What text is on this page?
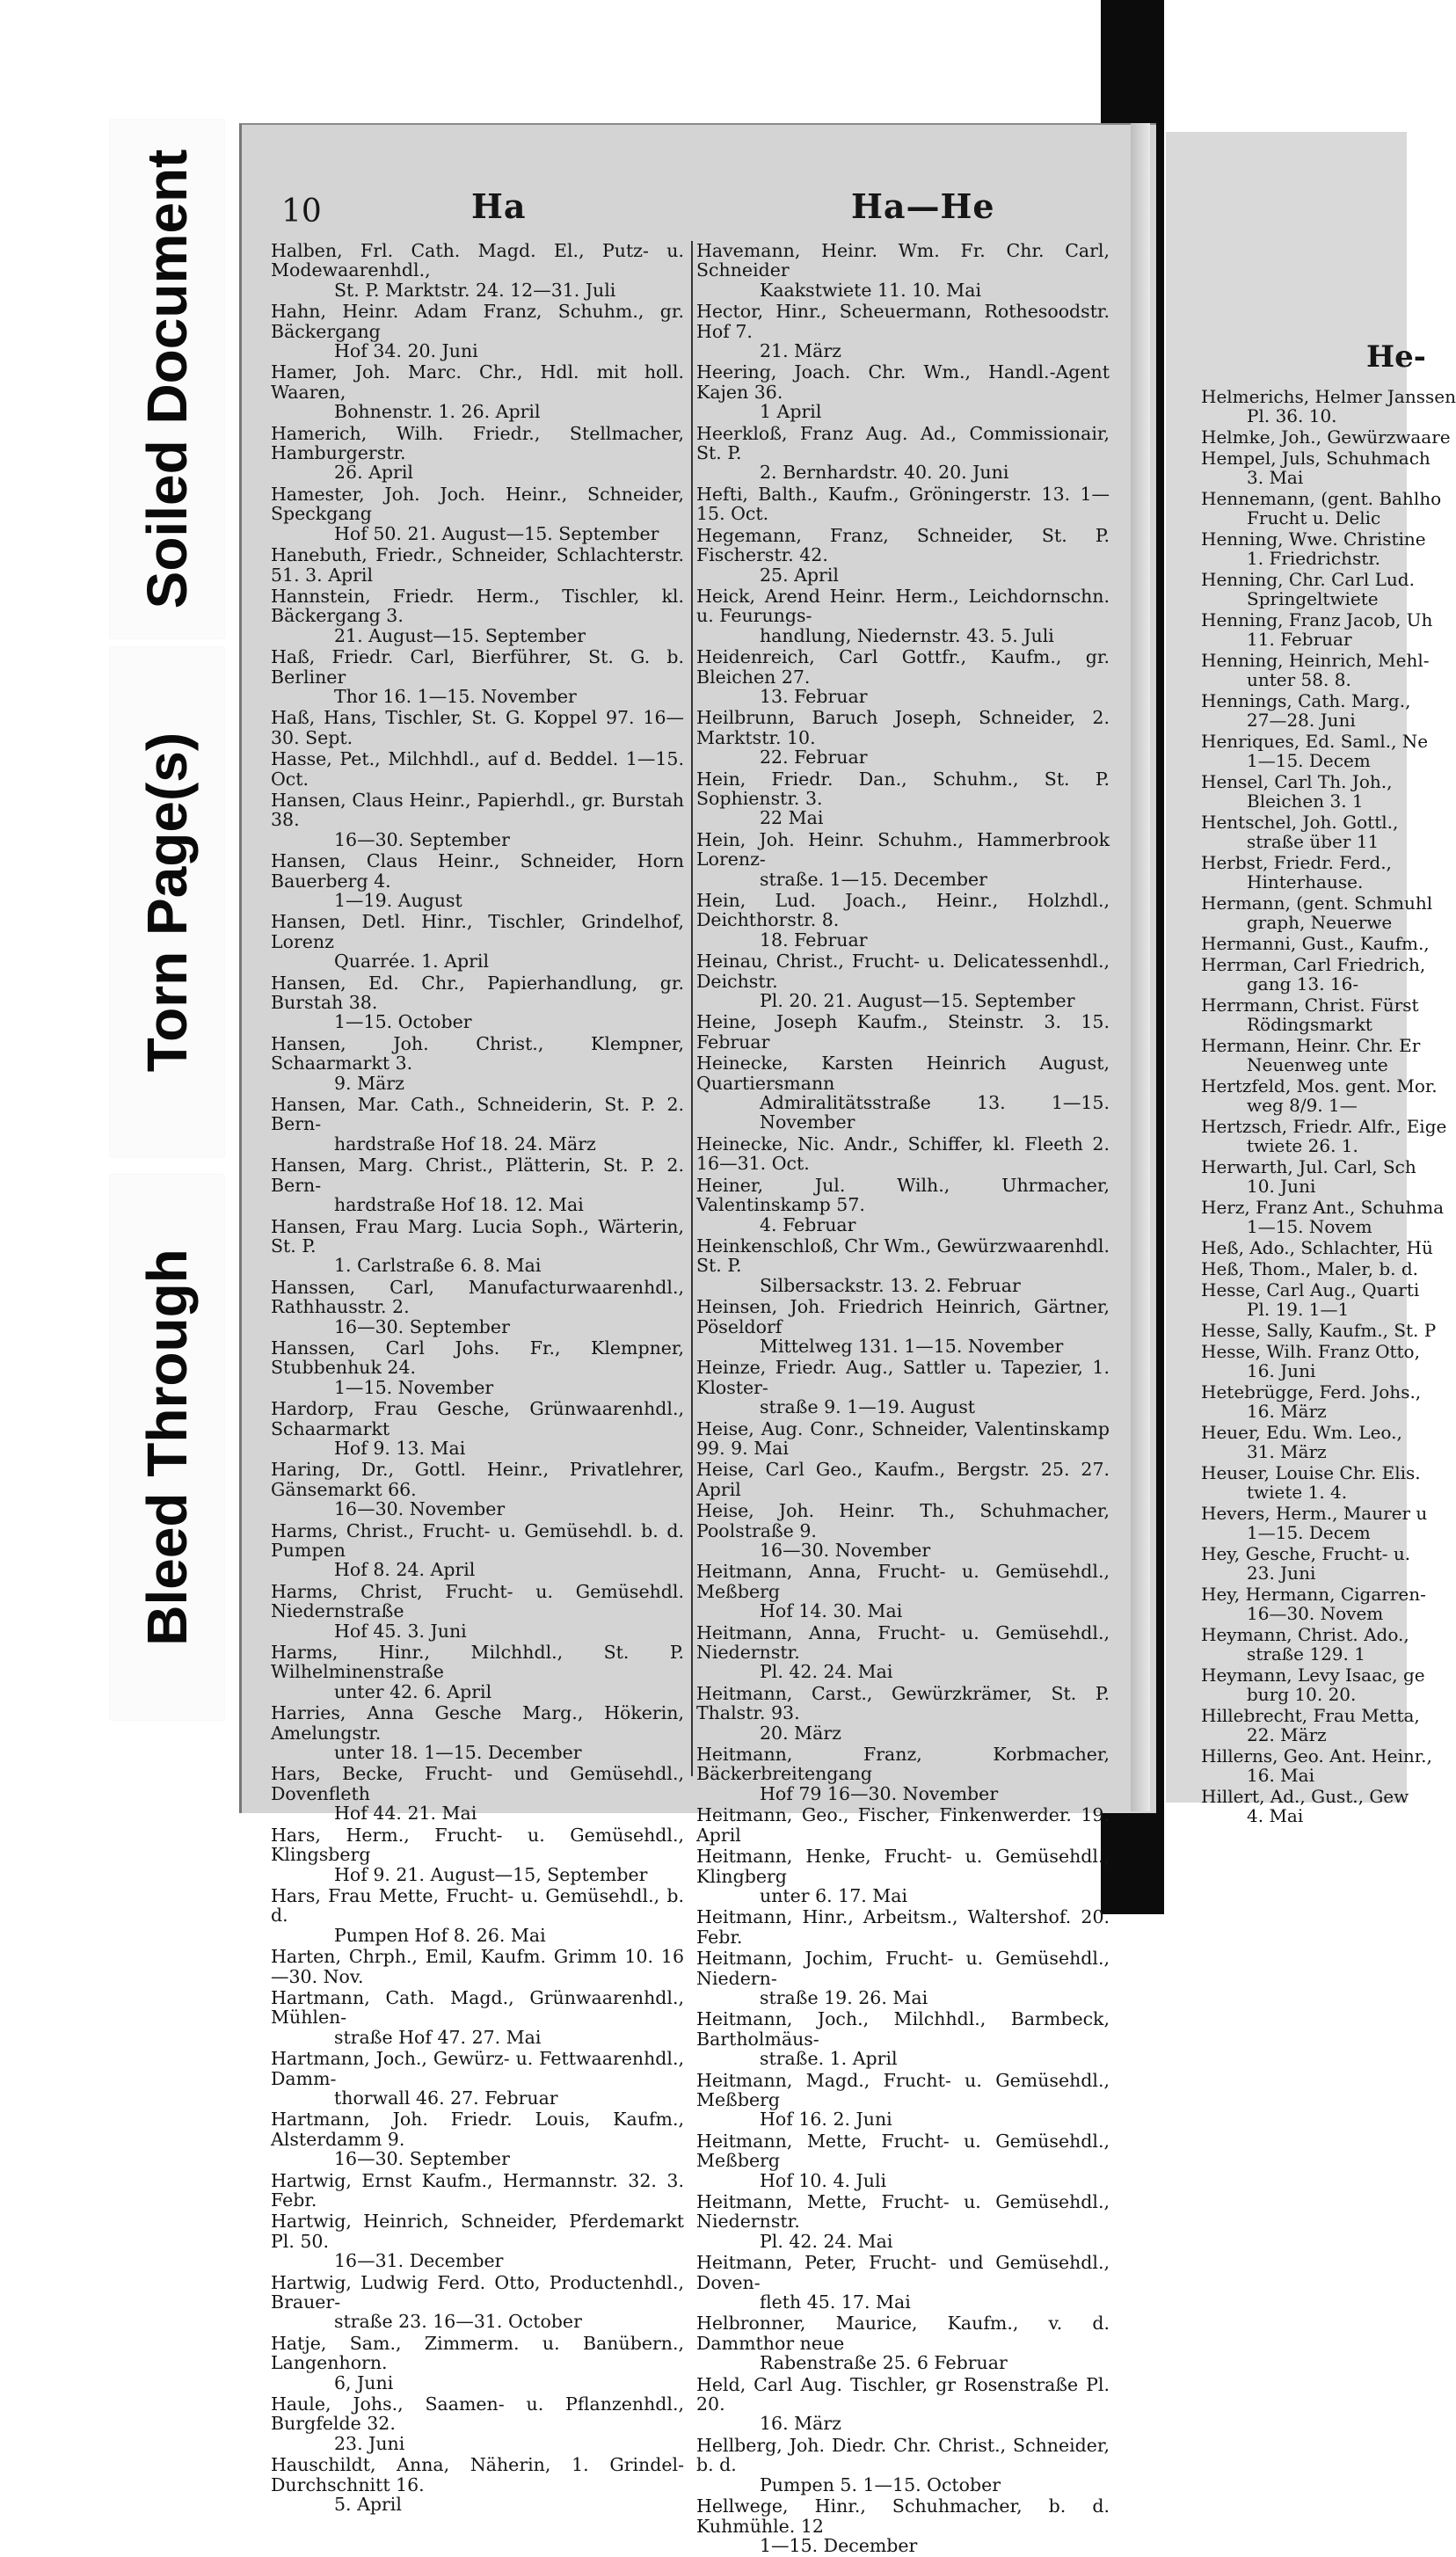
Soiled Document
Torn Page(s)
Bleed Through
He-
Helmerichs, Helmer Janssen
Pl. 36. 10.
Helmke, Joh., Gewürzwaare
Hempel, Juls, Schuhmach
3. Mai
Hennemann, (gent. Bahlho
Frucht u. Delic
Henning, Wwe. Christine
1. Friedrichstr.
Henning, Chr. Carl Lud.
Springeltwiete
Henning, Franz Jacob, Uh
11. Februar
Henning, Heinrich, Mehl-
unter 58. 8.
Hennings, Cath. Marg.,
27—28. Juni
Henriques, Ed. Saml., Ne
1—15. Decem
Hensel, Carl Th. Joh.,
Bleichen 3. 1
Hentschel, Joh. Gottl.,
straße über 11
Herbst, Friedr. Ferd.,
Hinterhause.
Hermann, (gent. Schmuhl
graph, Neuerwe
Hermanni, Gust., Kaufm.,
Herrman, Carl Friedrich,
gang 13. 16-
Herrmann, Christ. Fürst
Rödingsmarkt
Hermann, Heinr. Chr. Er
Neuenweg unte
Hertzfeld, Mos. gent. Mor.
weg 8/9. 1—
Hertzsch, Friedr. Alfr., Eige
twiete 26. 1.
Herwarth, Jul. Carl, Sch
10. Juni
Herz, Franz Ant., Schuhma
1—15. Novem
Heß, Ado., Schlachter, Hü
Heß, Thom., Maler, b. d.
Hesse, Carl Aug., Quarti
Pl. 19. 1—1
Hesse, Sally, Kaufm., St. P
Hesse, Wilh. Franz Otto,
16. Juni
Hetebrügge, Ferd. Johs.,
16. März
Heuer, Edu. Wm. Leo.,
31. März
Heuser, Louise Chr. Elis.
twiete 1. 4.
Hevers, Herm., Maurer u
1—15. Decem
Hey, Gesche, Frucht- u.
23. Juni
Hey, Hermann, Cigarren-
16—30. Novem
Heymann, Christ. Ado.,
straße 129. 1
Heymann, Levy Isaac, ge
burg 10. 20.
Hillebrecht, Frau Metta,
22. März
Hillerns, Geo. Ant. Heinr.,
16. Mai
Hillert, Ad., Gust., Gew
4. Mai
10	Ha	Ha—He
Halben, Frl. Cath. Magd. El., Putz- u. Modewaarenhdl.,
St. P. Marktstr. 24. 12—31. Juli
Hahn, Heinr. Adam Franz, Schuhm., gr. Bäckergang
Hof 34. 20. Juni
Hamer, Joh. Marc. Chr., Hdl. mit holl. Waaren,
Bohnenstr. 1. 26. April
Hamerich, Wilh. Friedr., Stellmacher, Hamburgerstr.
26. April
Hamester, Joh. Joch. Heinr., Schneider, Speckgang
Hof 50. 21. August—15. September
Hanebuth, Friedr., Schneider, Schlachterstr. 51. 3. April
Hannstein, Friedr. Herm., Tischler, kl. Bäckergang 3.
21. August—15. September
Haß, Friedr. Carl, Bierführer, St. G. b. Berliner
Thor 16. 1—15. November
Haß, Hans, Tischler, St. G. Koppel 97. 16—30. Sept.
Hasse, Pet., Milchhdl., auf d. Beddel. 1—15. Oct.
Hansen, Claus Heinr., Papierhdl., gr. Burstah 38.
16—30. September
Hansen, Claus Heinr., Schneider, Horn Bauerberg 4.
1—19. August
Hansen, Detl. Hinr., Tischler, Grindelhof, Lorenz
Quarrée. 1. April
Hansen, Ed. Chr., Papierhandlung, gr. Burstah 38.
1—15. October
Hansen, Joh. Christ., Klempner, Schaarmarkt 3.
9. März
Hansen, Mar. Cath., Schneiderin, St. P. 2. Bern-
hardstraße Hof 18. 24. März
Hansen, Marg. Christ., Plätterin, St. P. 2. Bern-
hardstraße Hof 18. 12. Mai
Hansen, Frau Marg. Lucia Soph., Wärterin, St. P.
1. Carlstraße 6. 8. Mai
Hanssen, Carl, Manufacturwaarenhdl., Rathhausstr. 2.
16—30. September
Hanssen, Carl Johs. Fr., Klempner, Stubbenhuk 24.
1—15. November
Hardorp, Frau Gesche, Grünwaarenhdl., Schaarmarkt
Hof 9. 13. Mai
Haring, Dr., Gottl. Heinr., Privatlehrer, Gänsemarkt 66.
16—30. November
Harms, Christ., Frucht- u. Gemüsehdl. b. d. Pumpen
Hof 8. 24. April
Harms, Christ, Frucht- u. Gemüsehdl. Niedernstraße
Hof 45. 3. Juni
Harms, Hinr., Milchhdl., St. P. Wilhelminenstraße
unter 42. 6. April
Harries, Anna Gesche Marg., Hökerin, Amelungstr.
unter 18. 1—15. December
Hars, Becke, Frucht- und Gemüsehdl., Dovenfleth
Hof 44. 21. Mai
Hars, Herm., Frucht- u. Gemüsehdl., Klingsberg
Hof 9. 21. August—15, September
Hars, Frau Mette, Frucht- u. Gemüsehdl., b. d.
Pumpen Hof 8. 26. Mai
Harten, Chrph., Emil, Kaufm. Grimm 10. 16—30. Nov.
Hartmann, Cath. Magd., Grünwaarenhdl., Mühlen-
straße Hof 47. 27. Mai
Hartmann, Joch., Gewürz- u. Fettwaarenhdl., Damm-
thorwall 46. 27. Februar
Hartmann, Joh. Friedr. Louis, Kaufm., Alsterdamm 9.
16—30. September
Hartwig, Ernst Kaufm., Hermannstr. 32. 3. Febr.
Hartwig, Heinrich, Schneider, Pferdemarkt Pl. 50.
16—31. December
Hartwig, Ludwig Ferd. Otto, Productenhdl., Brauer-
straße 23. 16—31. October
Hatje, Sam., Zimmerm. u. Banübern., Langenhorn.
6, Juni
Haule, Johs., Saamen- u. Pflanzenhdl., Burgfelde 32.
23. Juni
Hauschildt, Anna, Näherin, 1. Grindel-Durchschnitt 16.
5. April
Havemann, Heinr. Wm. Fr. Chr. Carl, Schneider
Kaakstwiete 11. 10. Mai
Hector, Hinr., Scheuermann, Rothesoodstr. Hof 7.
21. März
Heering, Joach. Chr. Wm., Handl.-Agent Kajen 36.
1 April
Heerkloß, Franz Aug. Ad., Commissionair, St. P.
2. Bernhardstr. 40. 20. Juni
Hefti, Balth., Kaufm., Gröningerstr. 13. 1—15. Oct.
Hegemann, Franz, Schneider, St. P. Fischerstr. 42.
25. April
Heick, Arend Heinr. Herm., Leichdornschn. u. Feurungs-
handlung, Niedernstr. 43. 5. Juli
Heidenreich, Carl Gottfr., Kaufm., gr. Bleichen 27.
13. Februar
Heilbrunn, Baruch Joseph, Schneider, 2. Marktstr. 10.
22. Februar
Hein, Friedr. Dan., Schuhm., St. P. Sophienstr. 3.
22 Mai
Hein, Joh. Heinr. Schuhm., Hammerbrook Lorenz-
straße. 1—15. December
Hein, Lud. Joach., Heinr., Holzhdl., Deichthorstr. 8.
18. Februar
Heinau, Christ., Frucht- u. Delicatessenhdl., Deichstr.
Pl. 20. 21. August—15. September
Heine, Joseph Kaufm., Steinstr. 3. 15. Februar
Heinecke, Karsten Heinrich August, Quartiersmann
Admiralitätsstraße 13. 1—15. November
Heinecke, Nic. Andr., Schiffer, kl. Fleeth 2. 16—31. Oct.
Heiner, Jul. Wilh., Uhrmacher, Valentinskamp 57.
4. Februar
Heinkenschloß, Chr Wm., Gewürzwaarenhdl. St. P.
Silbersackstr. 13. 2. Februar
Heinsen, Joh. Friedrich Heinrich, Gärtner, Pöseldorf
Mittelweg 131. 1—15. November
Heinze, Friedr. Aug., Sattler u. Tapezier, 1. Kloster-
straße 9. 1—19. August
Heise, Aug. Conr., Schneider, Valentinskamp 99. 9. Mai
Heise, Carl Geo., Kaufm., Bergstr. 25. 27. April
Heise, Joh. Heinr. Th., Schuhmacher, Poolstraße 9.
16—30. November
Heitmann, Anna, Frucht- u. Gemüsehdl., Meßberg
Hof 14. 30. Mai
Heitmann, Anna, Frucht- u. Gemüsehdl., Niedernstr.
Pl. 42. 24. Mai
Heitmann, Carst., Gewürzkrämer, St. P. Thalstr. 93.
20. März
Heitmann, Franz, Korbmacher, Bäckerbreitengang
Hof 79 16—30. November
Heitmann, Geo., Fischer, Finkenwerder. 19. April
Heitmann, Henke, Frucht- u. Gemüsehdl., Klingberg
unter 6. 17. Mai
Heitmann, Hinr., Arbeitsm., Waltershof. 20. Febr.
Heitmann, Jochim, Frucht- u. Gemüsehdl., Niedern-
straße 19. 26. Mai
Heitmann, Joch., Milchhdl., Barmbeck, Bartholmäus-
straße. 1. April
Heitmann, Magd., Frucht- u. Gemüsehdl., Meßberg
Hof 16. 2. Juni
Heitmann, Mette, Frucht- u. Gemüsehdl., Meßberg
Hof 10. 4. Juli
Heitmann, Mette, Frucht- u. Gemüsehdl., Niedernstr.
Pl. 42. 24. Mai
Heitmann, Peter, Frucht- und Gemüsehdl., Doven-
fleth 45. 17. Mai
Helbronner, Maurice, Kaufm., v. d. Dammthor neue
Rabenstraße 25. 6 Februar
Held, Carl Aug. Tischler, gr Rosenstraße Pl. 20.
16. März
Hellberg, Joh. Diedr. Chr. Christ., Schneider, b. d.
Pumpen 5. 1—15. October
Hellwege, Hinr., Schuhmacher, b. d. Kuhmühle. 12
1—15. December
